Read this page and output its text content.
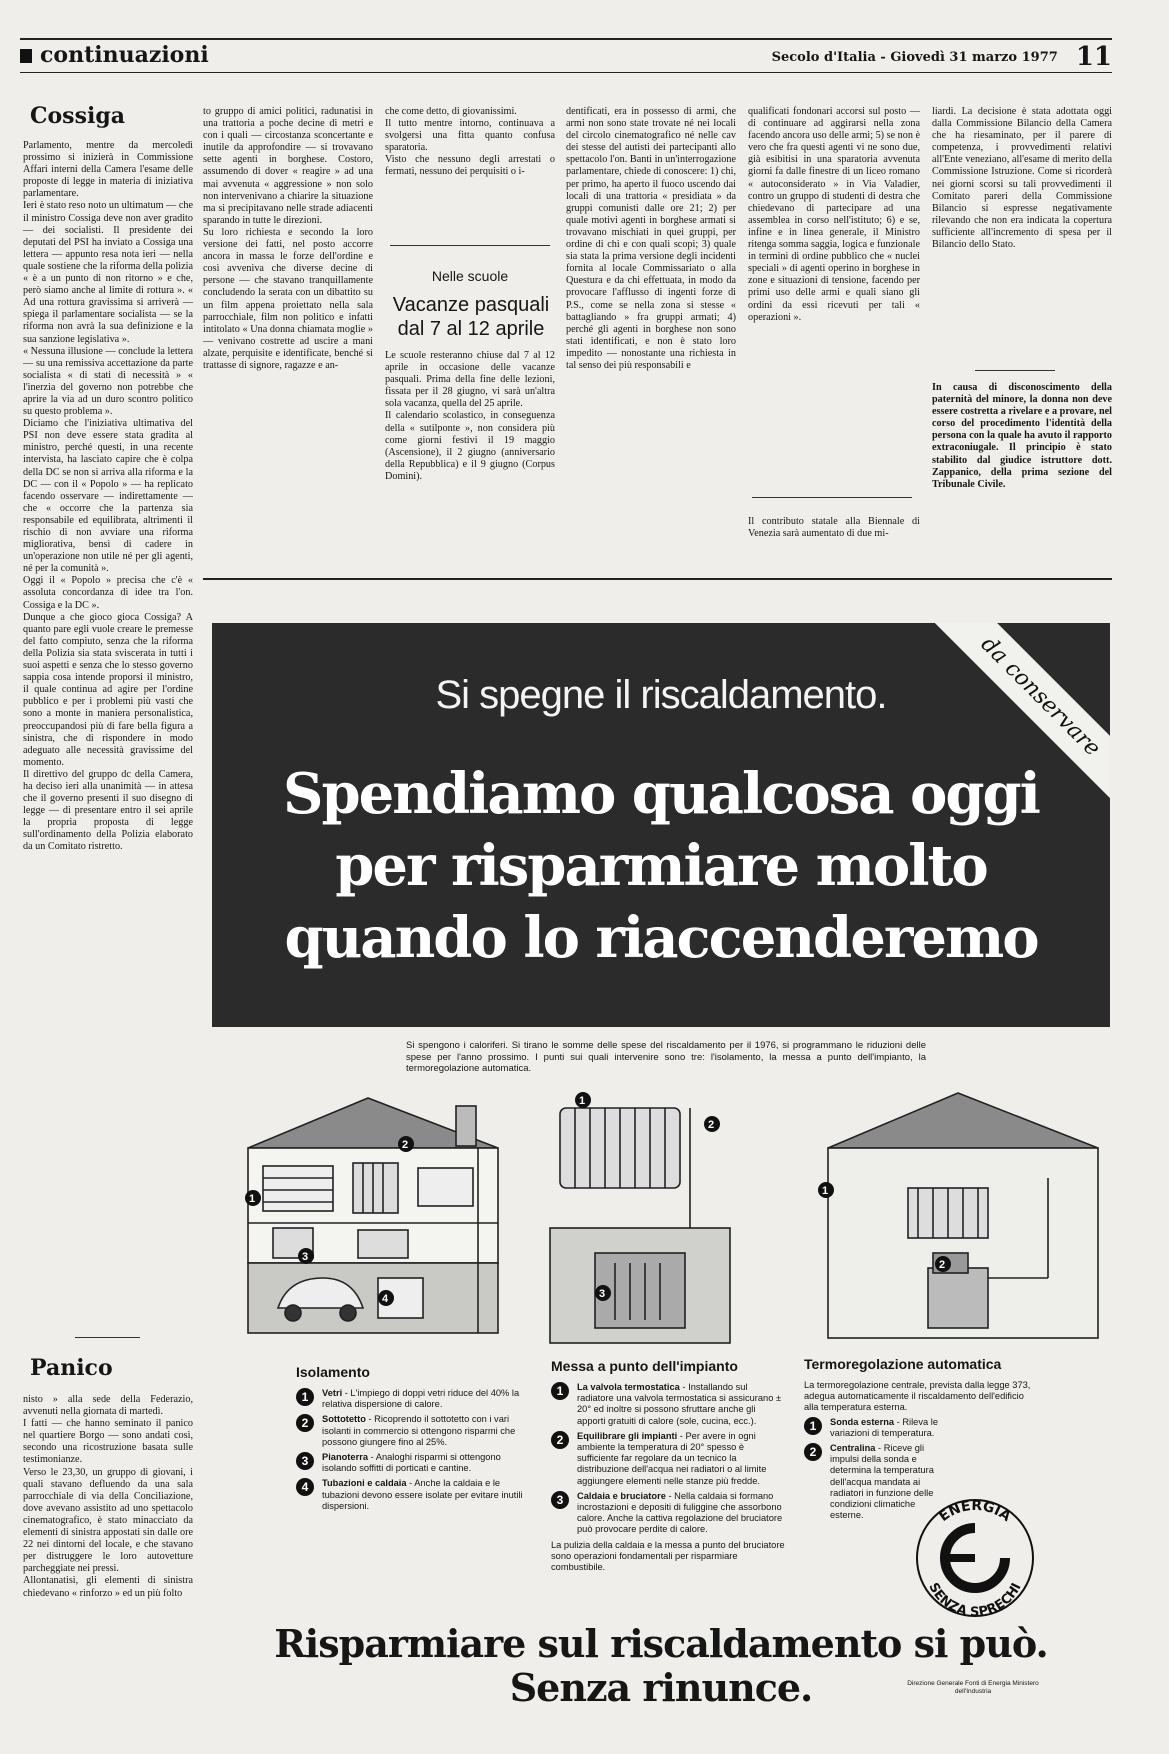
continuazioni	Secolo d'Italia - Giovedì 31 marzo 1977 11
Cossiga
Parlamento, mentre da mercoledì prossimo si inizierà in Commissione Affari interni della Camera l'esame delle proposte di legge in materia di iniziativa parlamentare.
Ieri è stato reso noto un ultimatum — che il ministro Cossiga deve non aver gradito — dei socialisti. Il presidente dei deputati del PSI ha inviato a Cossiga una lettera — appunto resa nota ieri — nella quale sostiene che la riforma della polizia « è a un punto di non ritorno » e che, però siamo anche al limite di rottura ». « Ad una rottura gravissima si arriverà — spiega il parlamentare socialista — se la riforma non avrà la sua definizione e la sua sanzione legislativa ».
« Nessuna illusione — conclude la lettera — su una remissiva accettazione da parte socialista « di stati di necessità » « l'inerzia del governo non potrebbe che aprire la via ad un duro scontro politico su questo problema ».
Diciamo che l'iniziativa ultimativa del PSI non deve essere stata gradita al ministro, perché questi, in una recente intervista, ha lasciato capire che è colpa della DC se non si arriva alla riforma e la DC — con il « Popolo » — ha replicato facendo osservare — indirettamente — che « occorre che la partenza sia responsabile ed equilibrata, altrimenti il rischio di non avviare una riforma migliorativa, bensì di cadere in un'operazione non utile né per gli agenti, né per la comunità ».
Oggi il « Popolo » precisa che c'è « assoluta concordanza di idee tra l'on. Cossiga e la DC ».
Dunque a che gioco gioca Cossiga? A quanto pare egli vuole creare le premesse del fatto compiuto, senza che la riforma della Polizia sia stata sviscerata in tutti i suoi aspetti e senza che lo stesso governo sappia cosa intende proporsi il ministro, il quale continua ad agire per l'ordine pubblico e per i problemi più vasti che sono a monte in maniera personalistica, preoccupandosi più di fare bella figura a sinistra, che di rispondere in modo adeguato alle necessità gravissime del momento.
Il direttivo del gruppo dc della Camera, ha deciso ieri alla unanimità — in attesa che il governo presenti il suo disegno di legge — di presentare entro il sei aprile la propria proposta di legge sull'ordinamento della Polizia elaborato da un Comitato ristretto.
Panico
nisto » alla sede della Federazio, avvenuti nella giornata di martedì.
I fatti — che hanno seminato il panico nel quartiere Borgo — sono andati così, secondo una ricostruzione basata sulle testimonianze.
Verso le 23,30, un gruppo di giovani, i quali stavano defluendo da una sala parrocchiale di via della Conciliazione, dove avevano assistito ad uno spettacolo cinematografico, è stato minacciato da elementi di sinistra appostati sin dalle ore 22 nei dintorni del locale, e che stavano per distruggere le loro autovetture parcheggiate nei pressi.
Allontanatisi, gli elementi di sinistra chiedevano « rinforzo » ed un più folto
to gruppo di amici politici, radunatisi in una trattoria a poche decine di metri e con i quali — circostanza sconcertante e inutile da approfondire — si trovavano sette agenti in borghese. Costoro, assumendo di dover « reagire » ad una mai avvenuta « aggressione » non solo non intervenivano a chiarire la situazione ma si precipitavano nelle strade adiacenti sparando in tutte le direzioni.
Su loro richiesta e secondo la loro versione dei fatti, nel posto accorre ancora in massa le forze dell'ordine e così avveniva che diverse decine di persone — che stavano tranquillamente concludendo la serata con un dibattito su un film appena proiettato nella sala parrocchiale, film non politico e infatti intitolato « Una donna chiamata moglie » — venivano costrette ad uscire a mani alzate, perquisite e identificate, benché si trattasse di signore, ragazze e an-
che come detto, di giovanissimi.
Il tutto mentre intorno, continuava a svolgersi una fitta quanto confusa sparatoria.
Visto che nessuno degli arrestati o fermati, nessuno dei perquisiti o i-
dentificati, era in possesso di armi, che armi non sono state trovate né nei locali del circolo cinematografico né nelle cav dei stesse del autisti dei partecipanti allo spettacolo l'on. Banti in un'interrogazione parlamentare, chiede di conoscere: 1) chi, per primo, ha aperto il fuoco uscendo dai locali di una trattoria « presidiata » da gruppi comunisti dalle ore 21; 2) per quale motivi agenti in borghese armati si trovavano mischiati in quei gruppi, per ordine di chi e con quali scopi; 3) quale sia stata la prima versione degli incidenti fornita al locale Commissariato o alla Questura e da chi effettuata, in modo da provocare l'afflusso di ingenti forze di P.S., come se nella zona si stesse « battagliando » fra gruppi armati; 4) perché gli agenti in borghese non sono stati identificati, e non è stato loro impedito — nonostante una richiesta in tal senso dei più responsabili e
qualificati fondonari accorsi sul posto — di continuare ad aggirarsi nella zona facendo ancora uso delle armi; 5) se non è vero che fra questi agenti vi ne sono due, già esibitisi in una sparatoria avvenuta giorni fa dalle finestre di un liceo romano « autoconsiderato » in Via Valadier, contro un gruppo di studenti di destra che chiedevano di partecipare ad una assemblea in corso nell'istituto; 6) e se, infine e in linea generale, il Ministro ritenga somma saggia, logica e funzionale in termini di ordine pubblico che « nuclei speciali » di agenti operino in borghese in zone e situazioni di tensione, facendo per primi uso delle armi e quali siano gli ordini da essi ricevuti per tali « operazioni ».
Nelle scuole
Vacanze pasquali dal 7 al 12 aprile
Le scuole resteranno chiuse dal 7 al 12 aprile in occasione delle vacanze pasquali. Prima della fine delle lezioni, fissata per il 28 giugno, vi sarà un'altra sola vacanza, quella del 25 aprile.
Il calendario scolastico, in conseguenza della « sutilponte », non considera più come giorni festivi il 19 maggio (Ascensione), il 2 giugno (anniversario della Repubblica) e il 9 giugno (Corpus Domini).
Il contributo statale alla Biennale di Venezia sarà aumentato di due mi-
liardi. La decisione è stata adottata oggi dalla Commissione Bilancio della Camera che ha riesaminato, per il parere di competenza, i provvedimenti relativi all'Ente veneziano, all'esame di merito della Commissione Istruzione. Come si ricorderà nei giorni scorsi su tali provvedimenti il Comitato pareri della Commissione Bilancio si espresse negativamente rilevando che non era indicata la copertura sufficiente all'incremento di spesa per il Bilancio dello Stato.
In causa di disconoscimento della paternità del minore, la donna non deve essere costretta a rivelare e a provare, nel corso del procedimento l'identità della persona con la quale ha avuto il rapporto extraconiugale. Il principio è stato stabilito dal giudice istruttore dott. Zappanico, della prima sezione del Tribunale Civile.
Si spegne il riscaldamento.
Spendiamo qualcosa oggi
per risparmiare molto
quando lo riaccenderemo
da conservare
Si spengono i caloriferi. Si tirano le somme delle spese del riscaldamento per il 1976, si programmano le riduzioni delle spese per l'anno prossimo. I punti sui quali intervenire sono tre: l'isolamento, la messa a punto dell'impianto, la termoregolazione automatica.
1
2
3
4
1
2
3
1
2
Isolamento	Messa a punto dell'impianto	Termoregolazione automatica
1	Vetri - L'impiego di doppi vetri riduce del 40% la relativa dispersione di calore.
2	Sottotetto - Ricoprendo il sottotetto con i vari isolanti in commercio si ottengono risparmi che possono giungere fino al 25%.
3	Pianoterra - Analoghi risparmi si ottengono isolando soffitti di porticati e cantine.
4	Tubazioni e caldaia - Anche la caldaia e le tubazioni devono essere isolate per evitare inutili dispersioni.
1	La valvola termostatica - Installando sul radiatore una valvola termostatica si assicurano ± 20° ed inoltre si possono sfruttare anche gli apporti gratuiti di calore (sole, cucina, ecc.).
2	Equilibrare gli impianti - Per avere in ogni ambiente la temperatura di 20° spesso è sufficiente far regolare da un tecnico la distribuzione dell'acqua nei radiatori o al limite aggiungere elementi nelle stanze più fredde.
3	Caldaia e bruciatore - Nella caldaia si formano incrostazioni e depositi di fuliggine che assorbono calore. Anche la cattiva regolazione del bruciatore può provocare perdite di calore.
La pulizia della caldaia e la messa a punto del bruciatore sono operazioni fondamentali per risparmiare combustibile.
La termoregolazione centrale, prevista dalla legge 373, adegua automaticamente il riscaldamento dell'edificio alla temperatura esterna.
1	Sonda esterna - Rileva le variazioni di temperatura.
2	Centralina - Riceve gli impulsi della sonda e determina la temperatura dell'acqua mandata ai radiatori in funzione delle condizioni climatiche esterne.	ENERGIA
SENZA SPRECHI
Risparmiare sul riscaldamento si può.
Senza rinunce.	Direzione Generale Fonti di Energia Ministero dell'Industria
